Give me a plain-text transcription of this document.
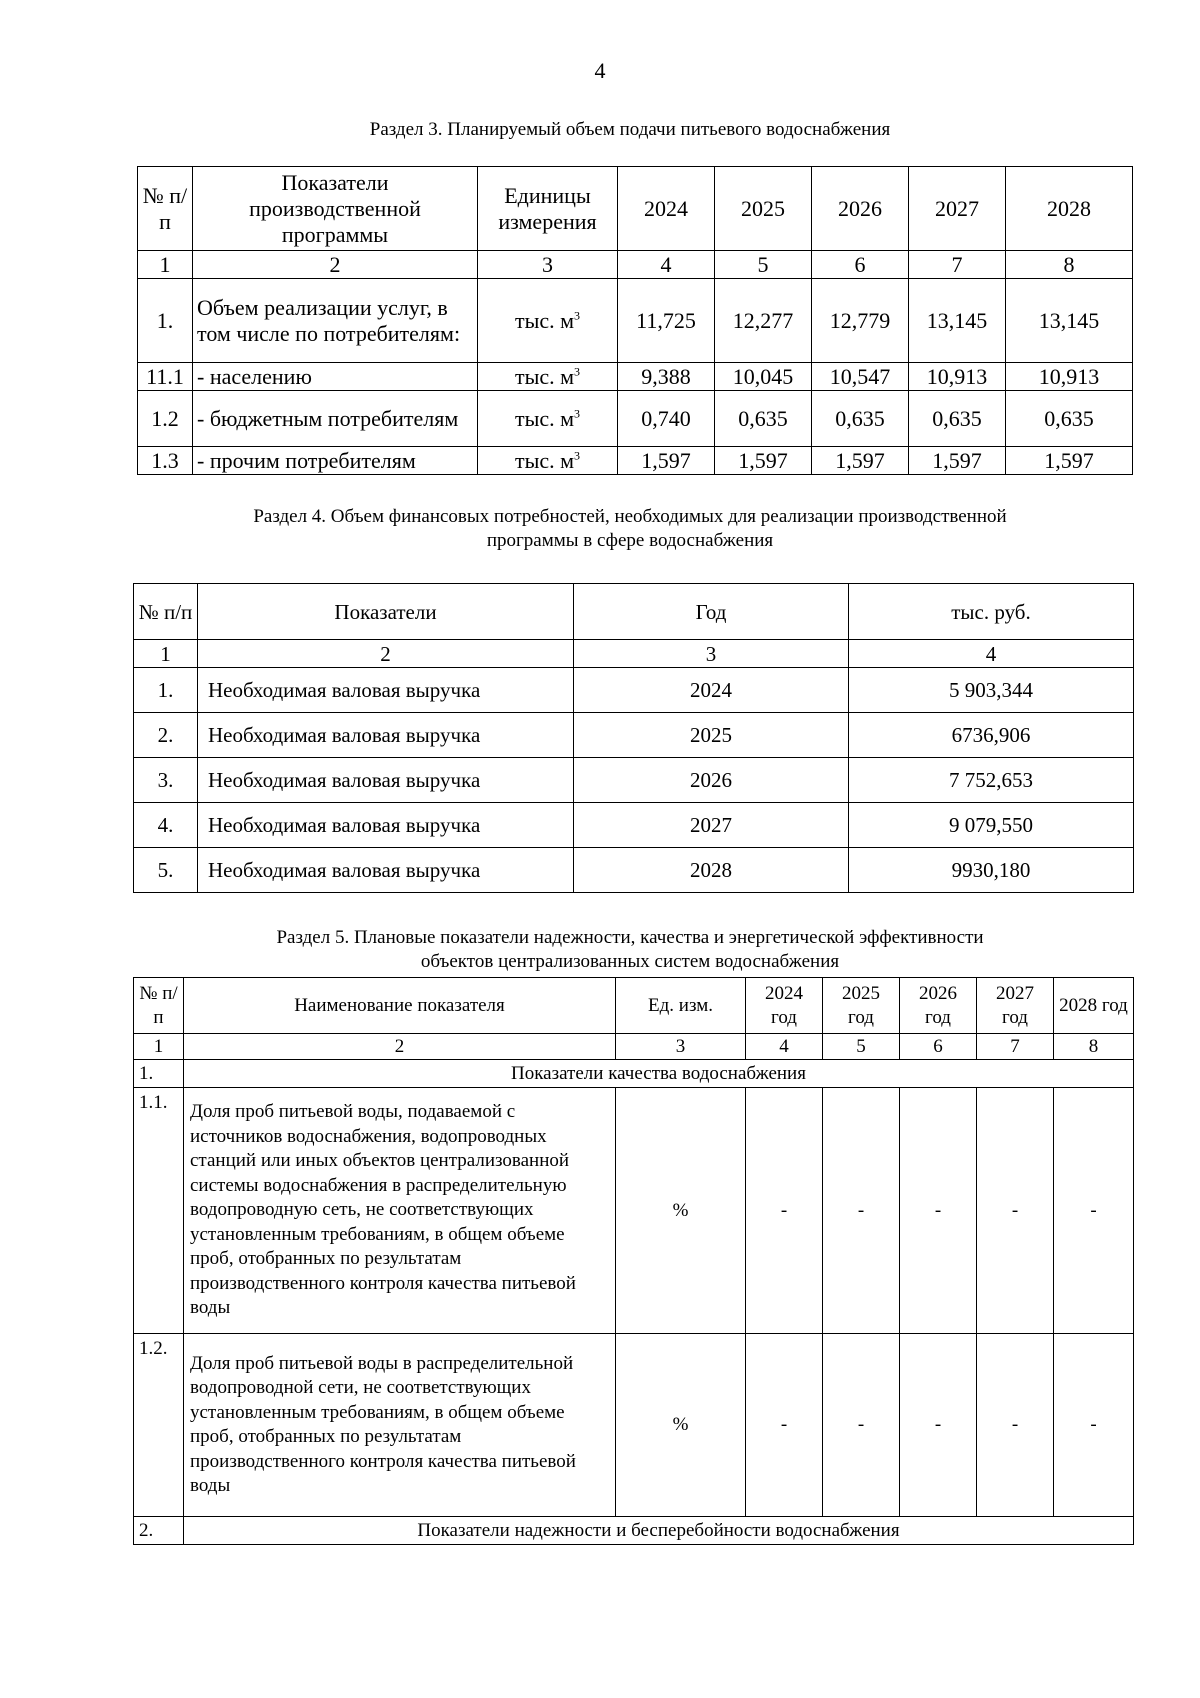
4
Раздел 3. Планируемый объем подачи питьевого водоснабжения
№ п/п	Показатели производственной программы	Единицы измерения	2024	2025	2026	2027	2028
1	2	3	4	5	6	7	8
1.	Объем реализации услуг, в том числе по потребителям:	тыс. $м^3$	11,725	12,277	12,779	13,145	13,145
11.1	- населению	тыс. $м^3$	9,388	10,045	10,547	10,913	10,913
1.2	- бюджетным потребителям	тыс. $м^3$	0,740	0,635	0,635	0,635	0,635
1.3	- прочим потребителям	тыс. $м^3$	1,597	1,597	1,597	1,597	1,597
Раздел 4. Объем финансовых потребностей, необходимых для реализации производственной
программы в сфере водоснабжения
№ п/п	Показатели	Год	тыс. руб.
1	2	3	4
1.	Необходимая валовая выручка	2024	5 903,344
2.	Необходимая валовая выручка	2025	6736,906
3.	Необходимая валовая выручка	2026	7 752,653
4.	Необходимая валовая выручка	2027	9 079,550
5.	Необходимая валовая выручка	2028	9930,180
Раздел 5. Плановые показатели надежности, качества и энергетической эффективности
объектов централизованных систем водоснабжения
№ п/п	Наименование показателя	Ед. изм.	2024 год	2025 год	2026 год	2027 год	2028 год
1	2	3	4	5	6	7	8
1.	Показатели качества водоснабжения						
1.1.	Доля проб питьевой воды, подаваемой с источников водоснабжения, водопроводных станций или иных объектов централизованной системы водоснабжения в распределительную водопроводную сеть, не соответствующих установленным требованиям, в общем объеме проб, отобранных по результатам производственного контроля качества питьевой воды	%	-	-	-	-	-
1.2.	Доля проб питьевой воды в распределительной водопроводной сети, не соответствующих установленным требованиям, в общем объеме проб, отобранных по результатам производственного контроля качества питьевой воды	%	-	-	-	-	-
2.	Показатели надежности и бесперебойности водоснабжения						
